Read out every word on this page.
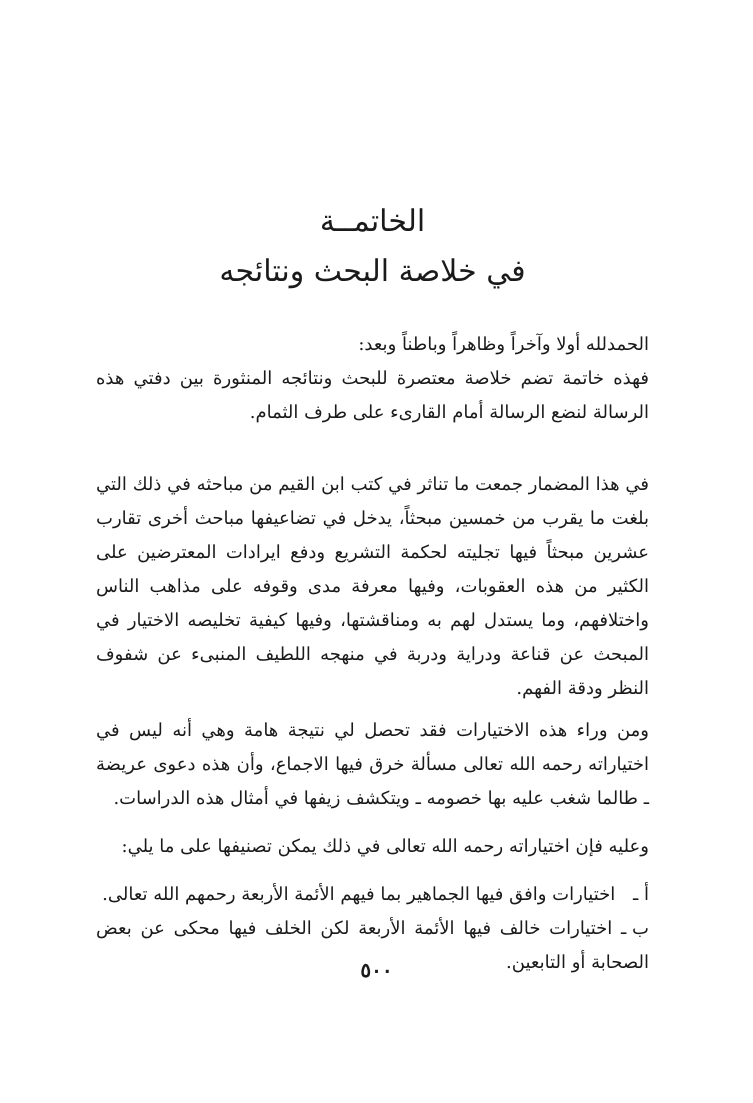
الخاتمــة
في خلاصة البحث ونتائجه

الحمدلله أولا وآخراً وظاهراً وباطناً وبعد:

فهذه خاتمة تضم خلاصة معتصرة للبحث ونتائجه المنثورة بين دفتي هذه الرسالة لنضع الرسالة أمام القارىء على طرف الثمام.

في هذا المضمار جمعت ما تناثر في كتب ابن القيم من مباحثه في ذلك التي بلغت ما يقرب من خمسين مبحثاً، يدخل في تضاعيفها مباحث أخرى تقارب عشرين مبحثاً فيها تجليته لحكمة التشريع ودفع ايرادات المعترضين على الكثير من هذه العقوبات، وفيها معرفة مدى وقوفه على مذاهب الناس واختلافهم، وما يستدل لهم به ومناقشتها، وفيها كيفية تخليصه الاختيار في المبحث عن قناعة ودراية ودربة في منهجه اللطيف المنبىء عن شفوف النظر ودقة الفهم.

ومن وراء هذه الاختيارات فقد تحصل لي نتيجة هامة وهي أنه ليس في اختياراته رحمه الله تعالى مسألة خرق فيها الاجماع، وأن هذه دعوى عريضة ـ طالما شغب عليه بها خصومه ـ ويتكشف زيفها في أمثال هذه الدراسات.

وعليه فإن اختياراته رحمه الله تعالى في ذلك يمكن تصنيفها على ما يلي:

أ ـ اختيارات وافق فيها الجماهير بما فيهم الأئمة الأربعة رحمهم الله تعالى.

ب ـ اختيارات خالف فيها الأئمة الأربعة لكن الخلف فيها محكى عن بعض الصحابة أو التابعين.

٥٠٠
